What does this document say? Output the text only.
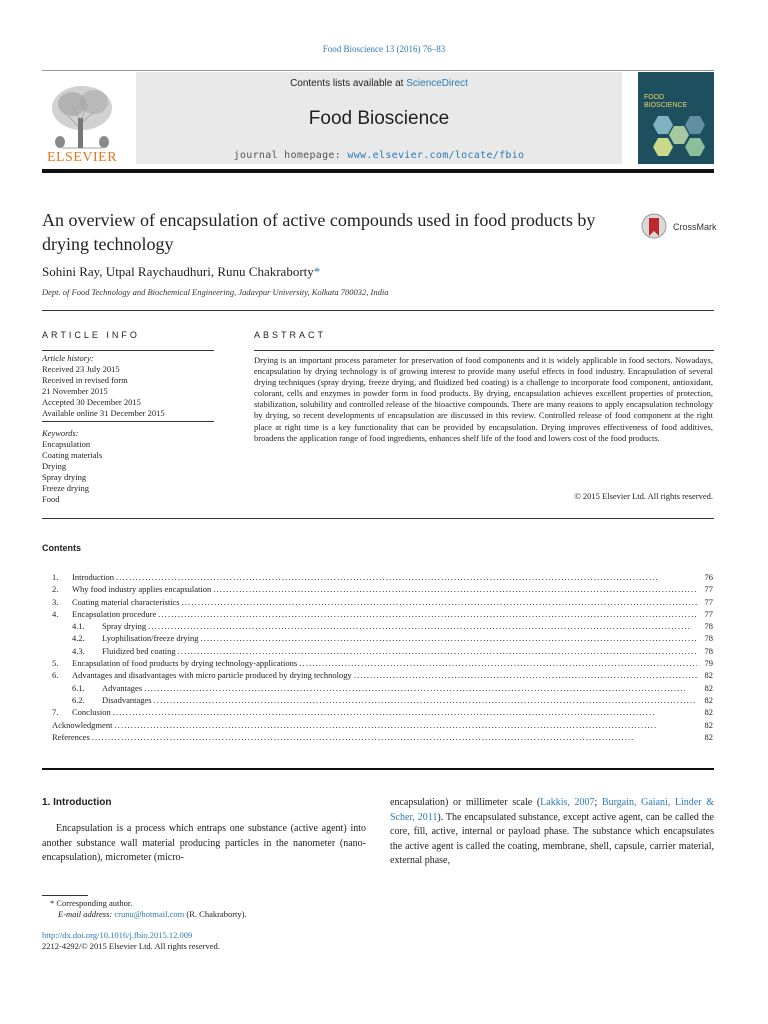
Food Bioscience 13 (2016) 76–83
ELSEVIER
Contents lists available at ScienceDirect
Food Bioscience
journal homepage: www.elsevier.com/locate/fbio
FOOD
BIOSCIENCE
An overview of encapsulation of active compounds used in food products by drying technology
CrossMark
Sohini Ray, Utpal Raychaudhuri, Runu Chakraborty*
Dept. of Food Technology and Biochemical Engineering, Jadavpur University, Kolkata 700032, India
ARTICLE INFO	ABSTRACT
Article history:
Received 23 July 2015
Received in revised form
21 November 2015
Accepted 30 December 2015
Available online 31 December 2015
Keywords:
Encapsulation
Coating materials
Drying
Spray drying
Freeze drying
Food
Drying is an important process parameter for preservation of food components and it is widely applicable in food sectors. Nowadays, encapsulation by drying technology is of growing interest to provide many useful effects in food industry. Encapsulation of several drying techniques (spray drying, freeze drying, and fluidized bed coating) is a challenge to incorporate food component, antioxidant, colorant, cells and enzymes in powder form in food products. By drying, encapsulation achieves excellent properties of protection, stabilization, solubility and controlled release of the bioactive compounds. There are many reasons to apply encapsulation technology by drying, so recent developments of encapsulation are discussed in this review. Controlled release of food component at the right place at right time is a key functionality that can be provided by encapsulation. Drying improves effectiveness of food additives, broadens the application range of food ingredients, enhances shelf life of the food and lowers cost of the food products.
© 2015 Elsevier Ltd. All rights reserved.
Contents
1. Introduction . . .	76
2. Why food industry applies encapsulation . . .	77
3. Coating material characteristics . . .	77
4. Encapsulation procedure . . .	77
4.1. Spray drying . . .	78
4.2. Lyophilisation/freeze drying . . .	78
4.3. Fluidized bed coating . . .	78
5. Encapsulation of food products by drying technology-applications . . .	79
6. Advantages and disadvantages with micro particle produced by drying technology . . .	82
6.1. Advantages . . .	82
6.2. Disadvantages . . .	82
7. Conclusion . . .	82
Acknowledgment . . .	82
References . . .	82
1. Introduction
Encapsulation is a process which entraps one substance (active agent) into another substance wall material producing particles in the nanometer (nano-encapsulation), micrometer (micro-
encapsulation) or millimeter scale (Lakkis, 2007; Burgain, Gaiani, Linder & Scher, 2011). The encapsulated substance, except active agent, can be called the core, fill, active, internal or payload phase. The substance which encapsulates the active agent is called the coating, membrane, shell, capsule, carrier material, external phase,
* Corresponding author.
E-mail address: crunu@hotmail.com (R. Chakraborty).
http://dx.doi.org/10.1016/j.fbio.2015.12.009
2212-4292/© 2015 Elsevier Ltd. All rights reserved.
